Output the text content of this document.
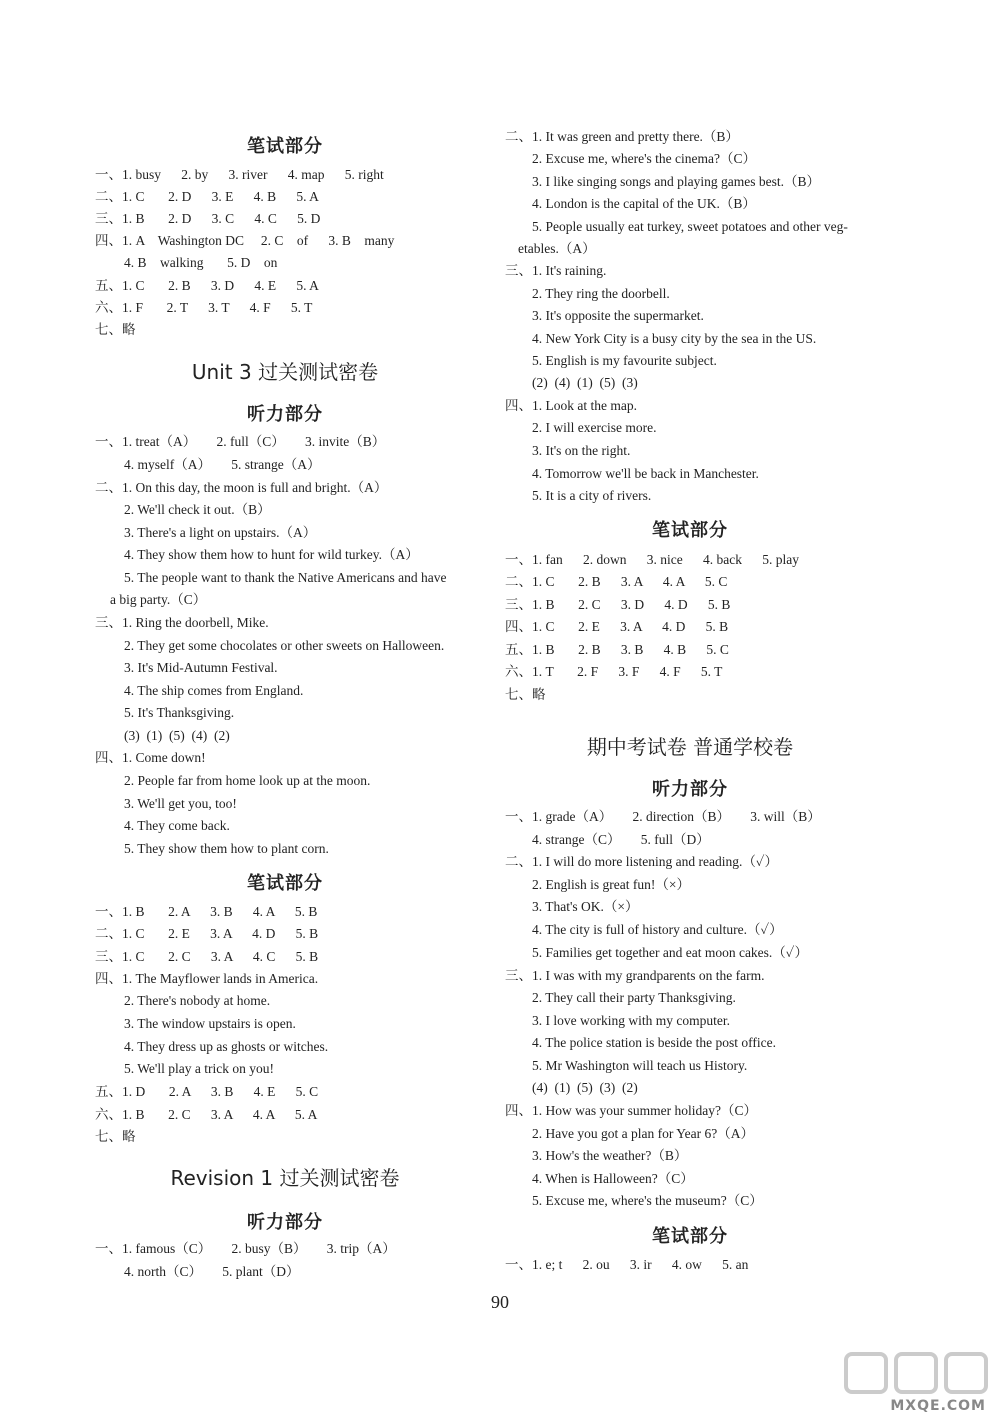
笔试部分
一、1. busy      2. by      3. river      4. map      5. right
二、1. C       2. D      3. E      4. B      5. A
三、1. B       2. D      3. C      4. C      5. D
四、1. A    Washington DC     2. C    of      3. B    many
4. B    walking       5. D    on
五、1. C       2. B      3. D      4. E      5. A
六、1. F       2. T      3. T      4. F      5. T
七、略
Unit 3 过关测试密卷
听力部分
一、1. treat（A）      2. full（C）      3. invite（B）
4. myself（A）      5. strange（A）
二、1. On this day, the moon is full and bright.（A）
2. We'll check it out.（B）
3. There's a light on upstairs.（A）
4. They show them how to hunt for wild turkey.（A）
5. The people want to thank the Native Americans and have
a big party.（C）
三、1. Ring the doorbell, Mike.
2. They get some chocolates or other sweets on Halloween.
3. It's Mid-Autumn Festival.
4. The ship comes from England.
5. It's Thanksgiving.
(3)  (1)  (5)  (4)  (2)
四、1. Come down!
2. People far from home look up at the moon.
3. We'll get you, too!
4. They come back.
5. They show them how to plant corn.
笔试部分
一、1. B       2. A      3. B      4. A      5. B
二、1. C       2. E      3. A      4. D      5. B
三、1. C       2. C      3. A      4. C      5. B
四、1. The Mayflower lands in America.
2. There's nobody at home.
3. The window upstairs is open.
4. They dress up as ghosts or witches.
5. We'll play a trick on you!
五、1. D       2. A      3. B      4. E      5. C
六、1. B       2. C      3. A      4. A      5. A
七、略
Revision 1 过关测试密卷
听力部分
一、1. famous（C）      2. busy（B）      3. trip（A）
4. north（C）      5. plant（D）
二、1. It was green and pretty there.（B）
2. Excuse me, where's the cinema?（C）
3. I like singing songs and playing games best.（B）
4. London is the capital of the UK.（B）
5. People usually eat turkey, sweet potatoes and other veg-
etables.（A）
三、1. It's raining.
2. They ring the doorbell.
3. It's opposite the supermarket.
4. New York City is a busy city by the sea in the US.
5. English is my favourite subject.
(2)  (4)  (1)  (5)  (3)
四、1. Look at the map.
2. I will exercise more.
3. It's on the right.
4. Tomorrow we'll be back in Manchester.
5. It is a city of rivers.
笔试部分
一、1. fan      2. down      3. nice      4. back      5. play
二、1. C       2. B      3. A      4. A      5. C
三、1. B       2. C      3. D      4. D      5. B
四、1. C       2. E      3. A      4. D      5. B
五、1. B       2. B      3. B      4. B      5. C
六、1. T       2. F      3. F      4. F      5. T
七、略
期中考试卷 普通学校卷
听力部分
一、1. grade（A）      2. direction（B）      3. will（B）
4. strange（C）      5. full（D）
二、1. I will do more listening and reading.（✓）
2. English is great fun!（×）
3. That's OK.（×）
4. The city is full of history and culture.（✓）
5. Families get together and eat moon cakes.（✓）
三、1. I was with my grandparents on the farm.
2. They call their party Thanksgiving.
3. I love working with my computer.
4. The police station is beside the post office.
5. Mr Washington will teach us History.
(4)  (1)  (5)  (3)  (2)
四、1. How was your summer holiday?（C）
2. Have you got a plan for Year 6?（A）
3. How's the weather?（B）
4. When is Halloween?（C）
5. Excuse me, where's the museum?（C）
笔试部分
一、1. e; t      2. ou      3. ir      4. ow      5. an
90
MXQE.COM
